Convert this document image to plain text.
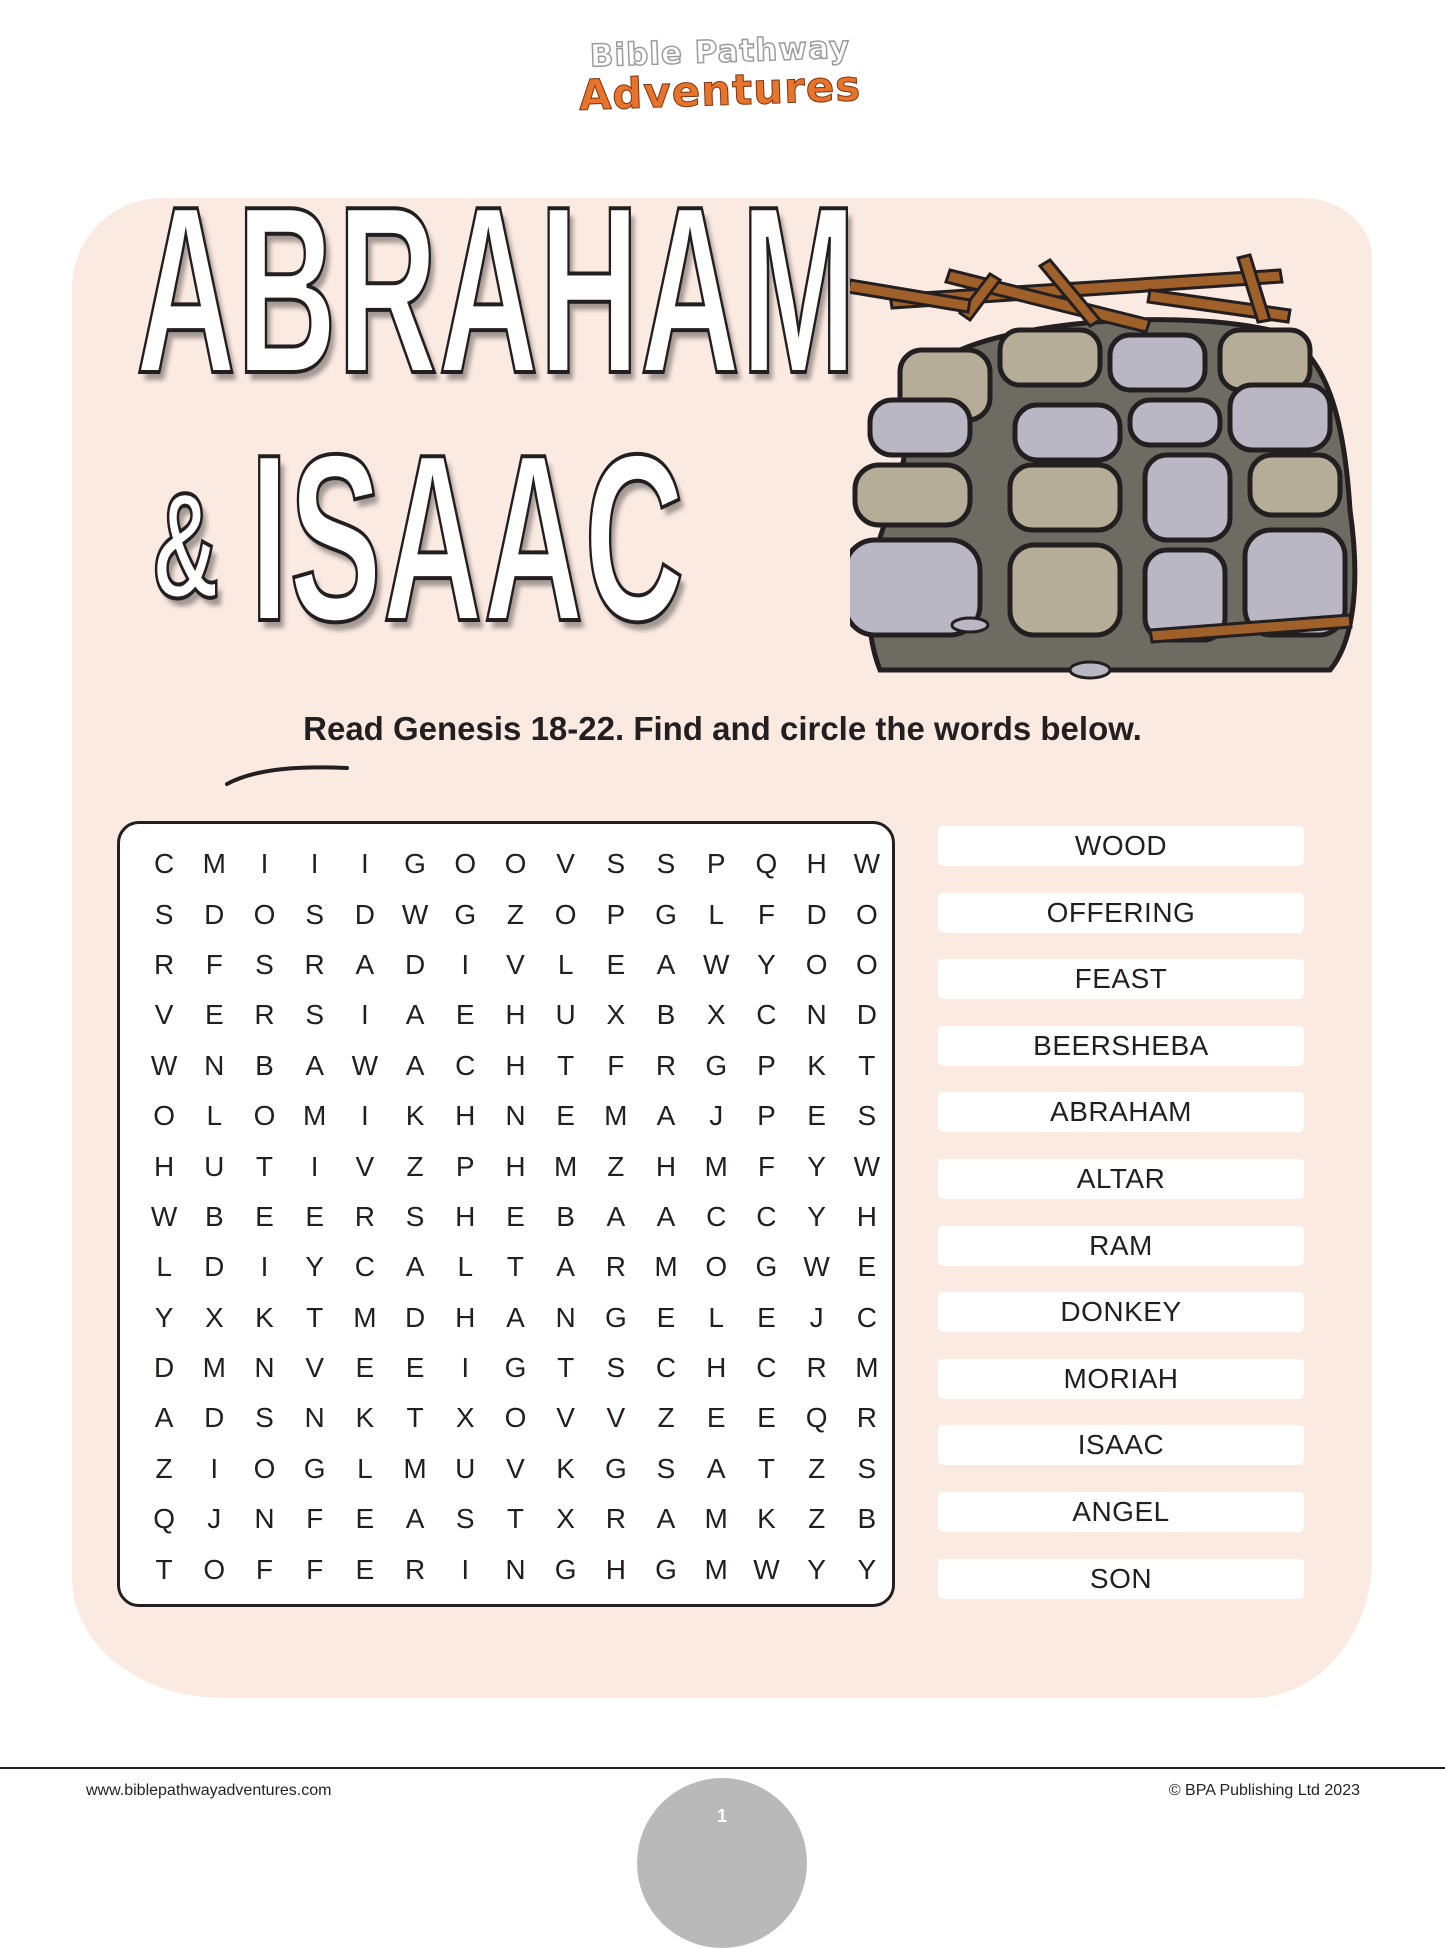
Bible Pathway
Adventures
ABRAHAM
& ISAAC
Read Genesis 18-22. Find and circle the words below.
C	M	I	I	I	G	O	O	V	S	S	P	Q	H	W
S	D	O	S	D	W	G	Z	O	P	G	L	F	D	O
R	F	S	R	A	D	I	V	L	E	A	W	Y	O	O
V	E	R	S	I	A	E	H	U	X	B	X	C	N	D
W	N	B	A	W	A	C	H	T	F	R	G	P	K	T
O	L	O	M	I	K	H	N	E	M	A	J	P	E	S
H	U	T	I	V	Z	P	H	M	Z	H	M	F	Y	W
W	B	E	E	R	S	H	E	B	A	A	C	C	Y	H
L	D	I	Y	C	A	L	T	A	R	M	O	G	W	E
Y	X	K	T	M	D	H	A	N	G	E	L	E	J	C
D	M	N	V	E	E	I	G	T	S	C	H	C	R	M
A	D	S	N	K	T	X	O	V	V	Z	E	E	Q	R
Z	I	O	G	L	M	U	V	K	G	S	A	T	Z	S
Q	J	N	F	E	A	S	T	X	R	A	M	K	Z	B
T	O	F	F	E	R	I	N	G	H	G	M	W	Y	Y
WOOD
OFFERING
FEAST
BEERSHEBA
ABRAHAM
ALTAR
RAM
DONKEY
MORIAH
ISAAC
ANGEL
SON
www.biblepathwayadventures.com	© BPA Publishing Ltd 2023
1
